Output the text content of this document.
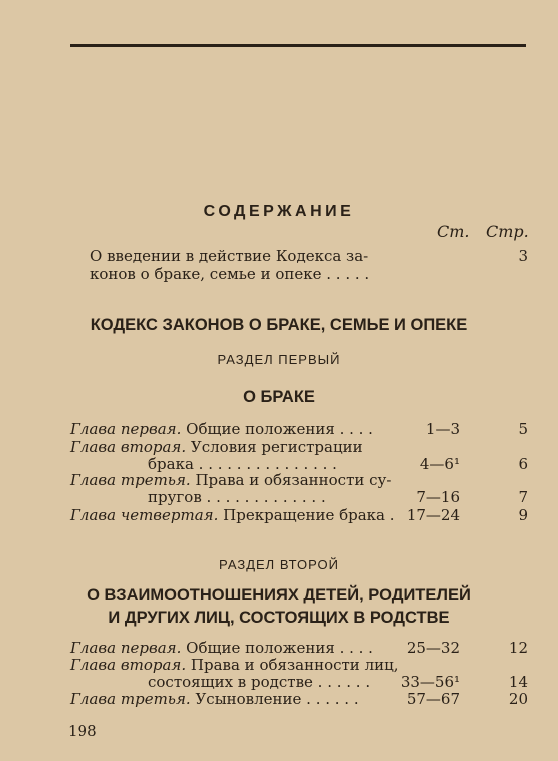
СОДЕРЖАНИЕ
Ст. Стр.
О введении в действие Кодекса за-
конов о браке, семье и опеке . . . . .
3
КОДЕКС ЗАКОНОВ О БРАКЕ, СЕМЬЕ И ОПЕКЕ
РАЗДЕЛ ПЕРВЫЙ
О БРАКЕ
Глава первая. Общие положения . . . .	1—3	5
Глава вторая. Условия регистрации
брака . . . . . . . . . . . . . . .	4—6¹	6
Глава третья. Права и обязанности су-
пругов . . . . . . . . . . . . .	7—16	7
Глава четвертая. Прекращение брака . 17—24	9
РАЗДЕЛ ВТОРОЙ
О ВЗАИМООТНОШЕНИЯХ ДЕТЕЙ, РОДИТЕЛЕЙ
И ДРУГИХ ЛИЦ, СОСТОЯЩИХ В РОДСТВЕ
Глава первая. Общие положения . . . . 25—32	12
Глава вторая. Права и обязанности лиц,
состоящих в родстве . . . . . . 33—56¹	14
Глава третья. Усыновление . . . . . .	57—67	20
198
